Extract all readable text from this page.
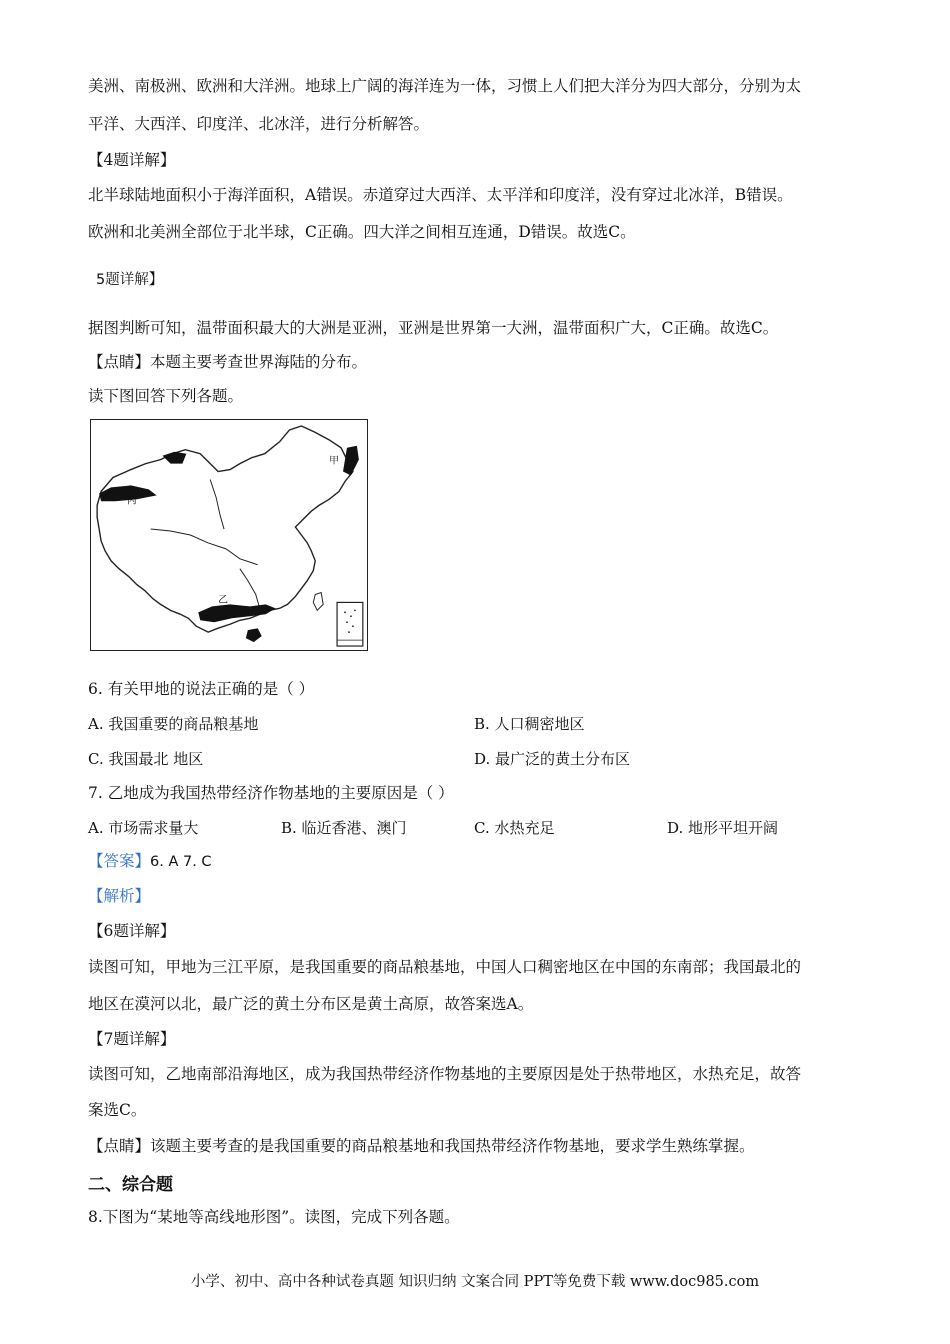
美洲、南极洲、欧洲和大洋洲。地球上广阔的海洋连为一体，习惯上人们把大洋分为四大部分，分别为太
平洋、大西洋、印度洋、北冰洋，进行分析解答。
【4题详解】
北半球陆地面积小于海洋面积，A错误。赤道穿过大西洋、太平洋和印度洋，没有穿过北冰洋，B错误。
欧洲和北美洲全部位于北半球，C正确。四大洋之间相互连通，D错误。故选C。
5题详解】
据图判断可知，温带面积最大的大洲是亚洲，亚洲是世界第一大洲，温带面积广大，C正确。故选C。
【点睛】本题主要考查世界海陆的分布。
读下图回答下列各题。
甲
乙
丙
6. 有关甲地的说法正确的是（ ）
A. 我国重要的商品粮基地	B. 人口稠密地区
C. 我国最北 地区	D. 最广泛的黄土分布区
7. 乙地成为我国热带经济作物基地的主要原因是（ ）
A. 市场需求量大	B. 临近香港、澳门	C. 水热充足	D. 地形平坦开阔
【答案】6. A 7. C
【解析】
【6题详解】
读图可知，甲地为三江平原，是我国重要的商品粮基地，中国人口稠密地区在中国的东南部；我国最北的
地区在漠河以北，最广泛的黄土分布区是黄土高原，故答案选A。
【7题详解】
读图可知，乙地南部沿海地区，成为我国热带经济作物基地的主要原因是处于热带地区，水热充足，故答
案选C。
【点睛】该题主要考查的是我国重要的商品粮基地和我国热带经济作物基地，要求学生熟练掌握。
二、综合题
8.下图为“某地等高线地形图”。读图，完成下列各题。
小学、初中、高中各种试卷真题 知识归纳 文案合同 PPT等免费下载 www.doc985.com
